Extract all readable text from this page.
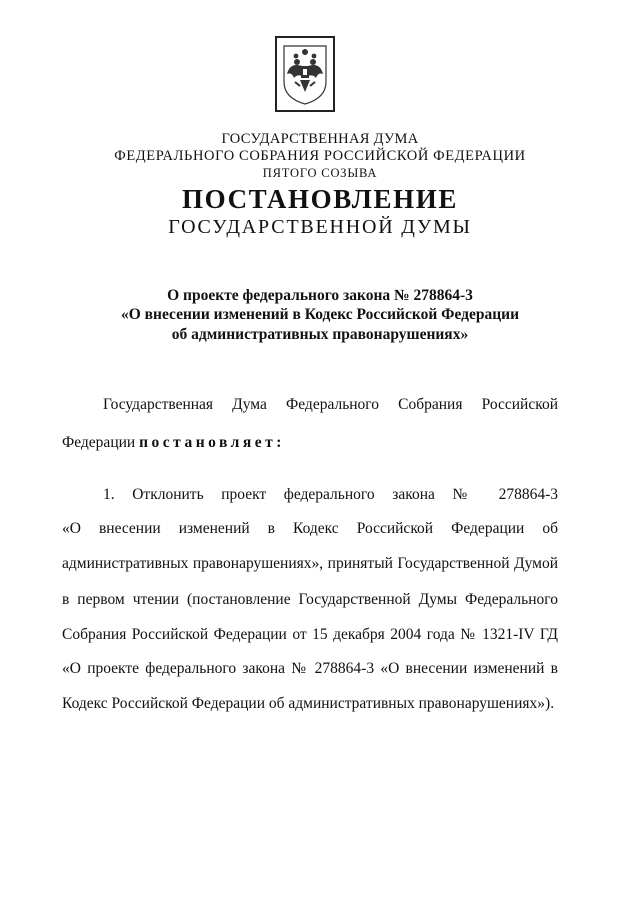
ГОСУДАРСТВЕННАЯ ДУМА
ФЕДЕРАЛЬНОГО СОБРАНИЯ РОССИЙСКОЙ ФЕДЕРАЦИИ
ПЯТОГО СОЗЫВА
ПОСТАНОВЛЕНИЕ
ГОСУДАРСТВЕННОЙ ДУМЫ
О проекте федерального закона № 278864-3
«О внесении изменений в Кодекс Российской Федерации
об административных правонарушениях»
Государственная Дума Федерального Собрания Российской
Федерации постановляет:
1. Отклонить проект федерального закона № 278864-3
«О внесении изменений в Кодекс Российской Федерации об
административных правонарушениях», принятый Государственной Думой
в первом чтении (постановление Государственной Думы Федерального
Собрания Российской Федерации от 15 декабря 2004 года № 1321-IV ГД
«О проекте федерального закона № 278864-3 «О внесении изменений в
Кодекс Российской Федерации об административных правонарушениях»).
